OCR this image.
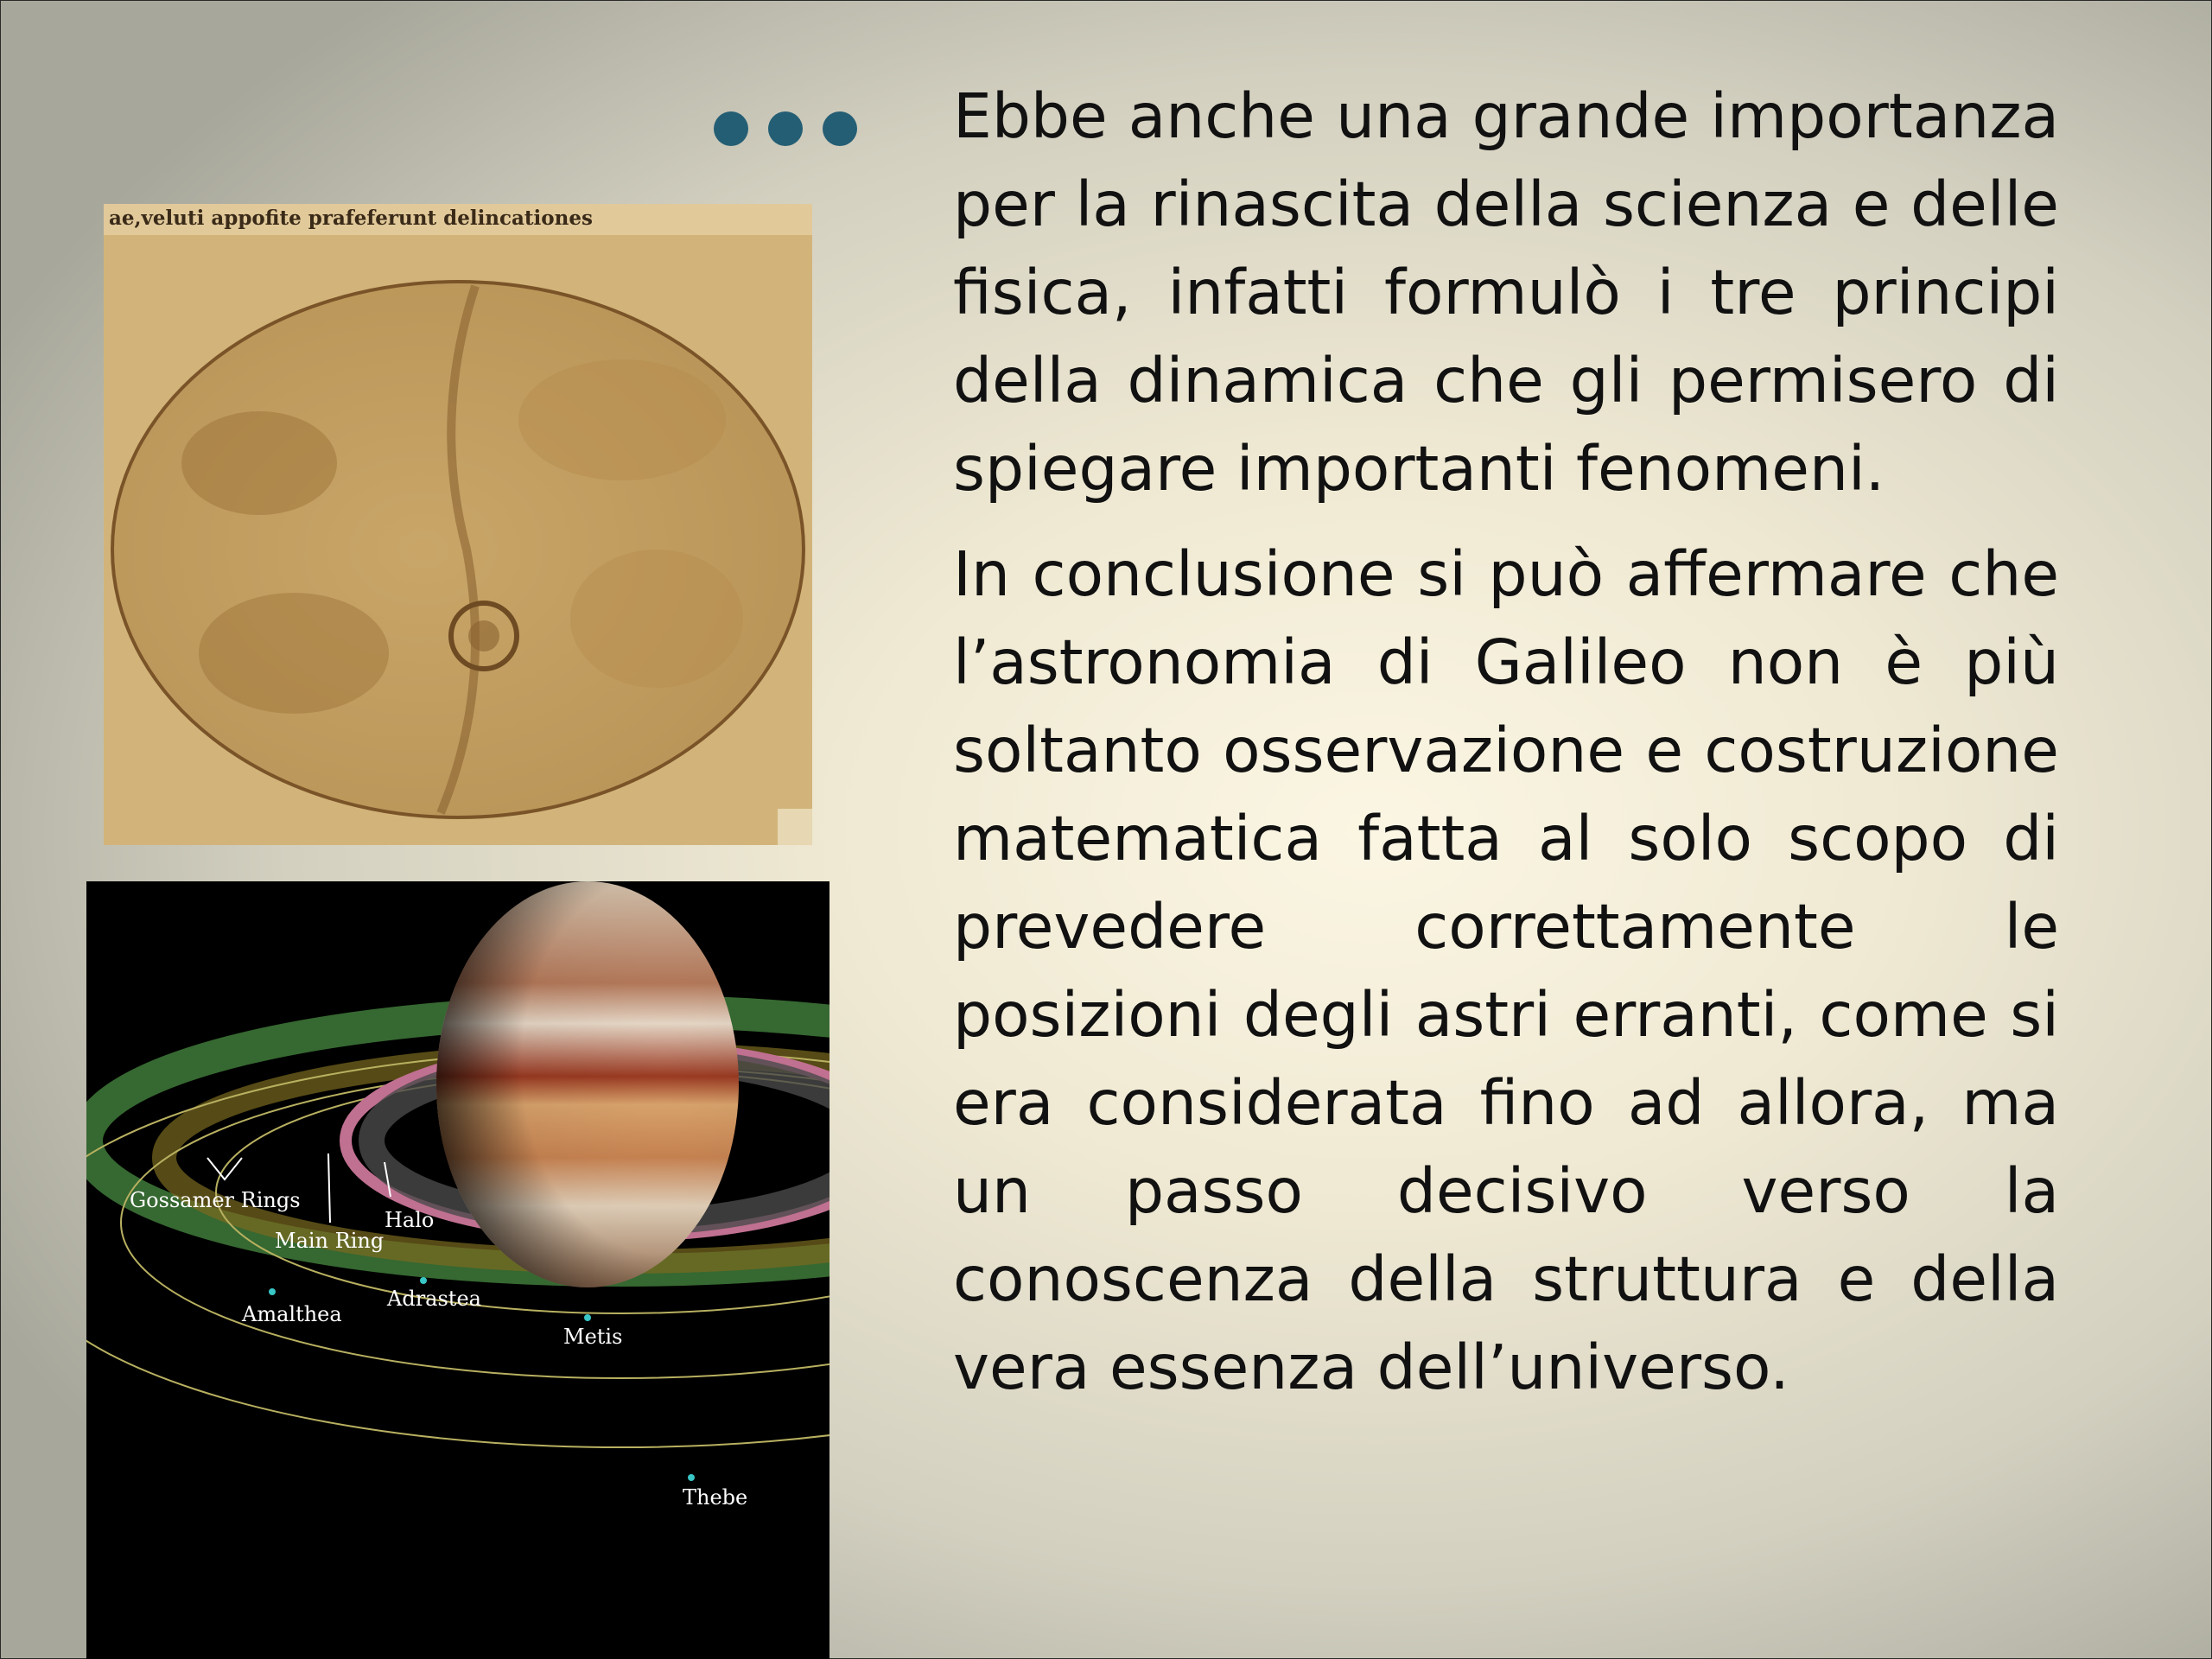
Ebbe anche una grande importanza per la rinascita della scienza e delle fisica, infatti formulò i tre principi della dinamica che gli permisero di spiegare importanti fenomeni.

In conclusione si può affermare che l’astronomia di Galileo non è più soltanto osservazione e costruzione matematica fatta al solo scopo di prevedere correttamente le posizioni degli astri erranti, come si era considerata fino ad allora, ma un passo decisivo verso la conoscenza della struttura e della vera essenza dell’universo.

ae,veluti appofite prafeferunt delincationes
Gossamer Rings
Main Ring
Halo
Amalthea
Adrastea
Metis
Thebe
